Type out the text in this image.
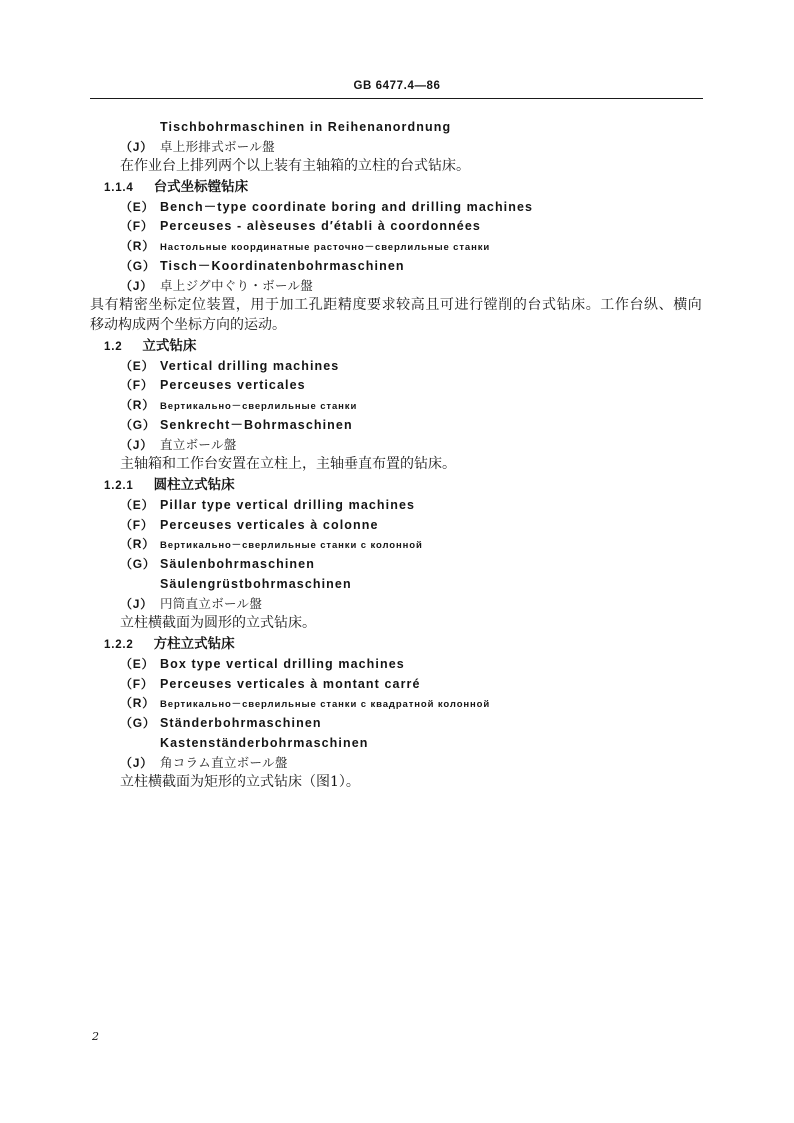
GB 6477.4—86
Tischbohrmaschinen in Reihenanordnung
（J） 卓上形排式ボール盤
在作业台上排列两个以上装有主轴箱的立柱的台式钻床。
1.1.4 台式坐标镗钻床
（E） Bench－type coordinate boring and drilling machines
（F） Perceuses - alèseuses d′établi à coordonnées
（R） Настольные координатные расточно－сверлильные станки
（G） Tisch－Koordinatenbohrmaschinen
（J） 卓上ジグ中ぐり・ボール盤
具有精密坐标定位装置，用于加工孔距精度要求较高且可进行镗削的台式钻床。工作台纵、横向
移动构成两个坐标方向的运动。
1.2 立式钻床
（E） Vertical drilling machines
（F） Perceuses verticales
（R） Вертикально－сверлильные станки
（G） Senkrecht－Bohrmaschinen
（J） 直立ボール盤
主轴箱和工作台安置在立柱上，主轴垂直布置的钻床。
1.2.1 圆柱立式钻床
（E） Pillar type vertical drilling machines
（F） Perceuses verticales à colonne
（R） Вертикально－сверлильные станки с колонной
（G） Säulenbohrmaschinen
Säulengrüstbohrmaschinen
（J） 円筒直立ボール盤
立柱横截面为圆形的立式钻床。
1.2.2 方柱立式钻床
（E） Box type vertical drilling machines
（F） Perceuses verticales à montant carré
（R） Вертикально－сверлильные станки с квадратной колонной
（G） Ständerbohrmaschinen
Kastenständerbohrmaschinen
（J） 角コラム直立ボール盤
立柱横截面为矩形的立式钻床（图1）。
2
